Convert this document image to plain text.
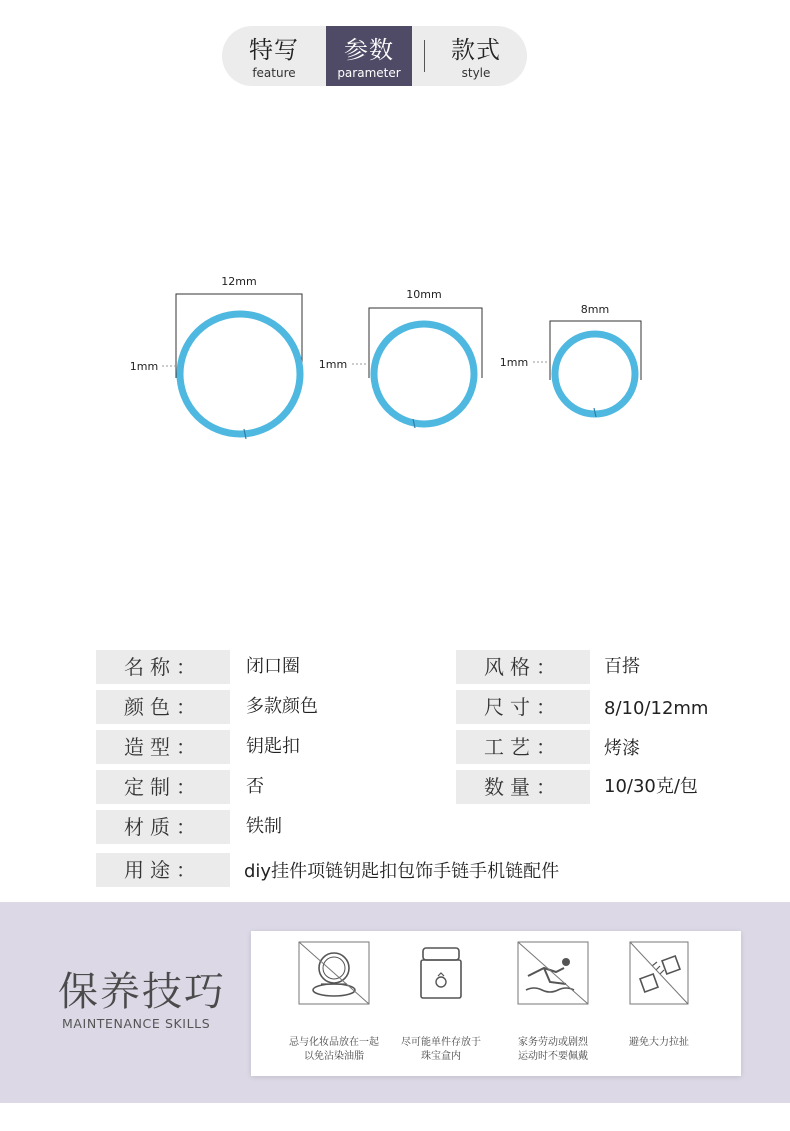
特写
feature
参数
parameter
款式
style
12mm
1mm
10mm
1mm
8mm
1mm
名称：	闭口圈	风格：	百搭
颜色：	多款颜色	尺寸：	8/10/12mm
造型：	钥匙扣	工艺：	烤漆
定制：	否	数量：	10/30克/包
材质：	铁制
用途：	diy挂件项链钥匙扣包饰手链手机链配件
保养技巧
MAINTENANCE SKILLS
忌与化妆品放在一起
以免沾染油脂
尽可能单件存放于
珠宝盒内
家务劳动或剧烈
运动时不要佩戴
避免大力拉扯
